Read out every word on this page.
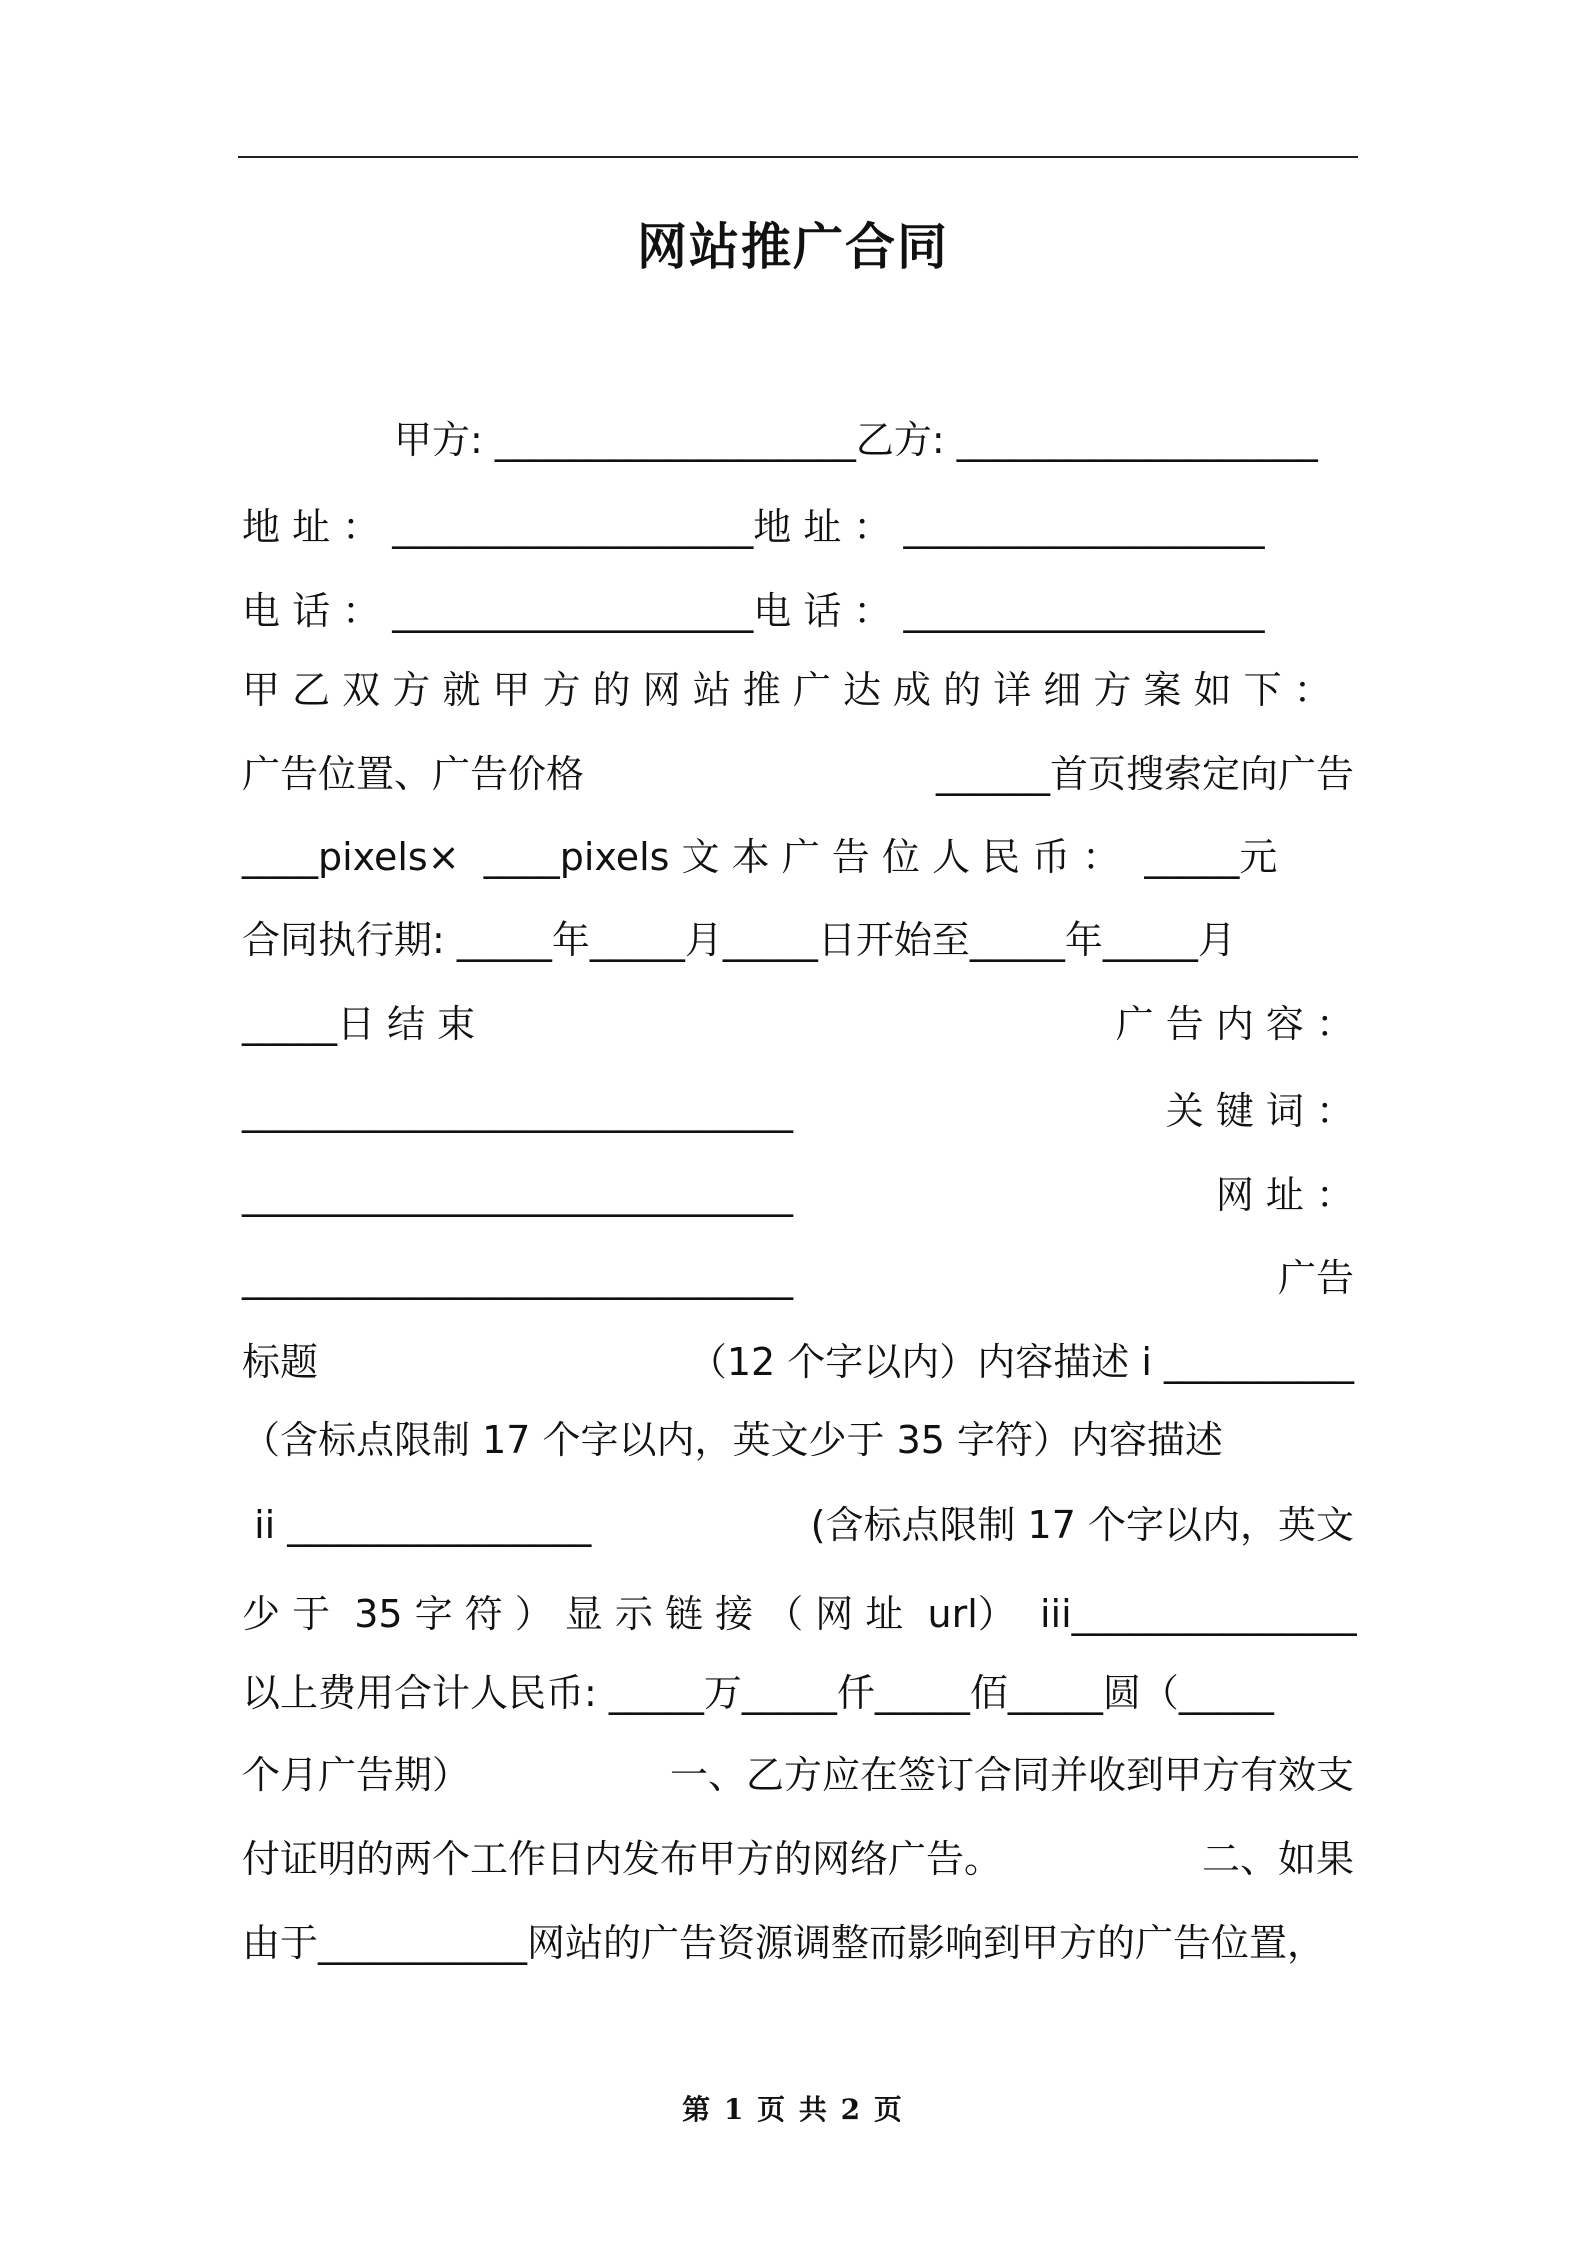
网站推广合同
甲方: ___________________乙方: ___________________
地 址 ： ___________________地 址 ： ___________________
电 话 ： ___________________电 话 ： ___________________
甲 乙 双 方 就 甲 方 的 网 站 推 广 达 成 的 详 细 方 案 如 下 ：
广告位置、广告价格	______首页搜索定向广告
____pixels×  ____pixels 文 本 广 告 位 人 民 币 ：  _____元
合同执行期: _____年_____月_____日开始至_____年_____月
_____日 结 束	广 告 内 容 ：
_____________________________	关 键 词 ：
_____________________________	网 址 ：
_____________________________	广告
标题	（12 个字以内）内容描述 i __________
（含标点限制 17 个字以内，英文少于 35 字符）内容描述
ii ________________	(含标点限制 17 个字以内，英文
少 于  35 字 符 ） 显 示 链 接 （ 网 址  url）  iii_______________
以上费用合计人民币: _____万_____仟_____佰_____圆（_____
个月广告期）	一、乙方应在签订合同并收到甲方有效支
付证明的两个工作日内发布甲方的网络广告。	二、如果
由于___________网站的广告资源调整而影响到甲方的广告位置，
第 1 页 共 2 页
